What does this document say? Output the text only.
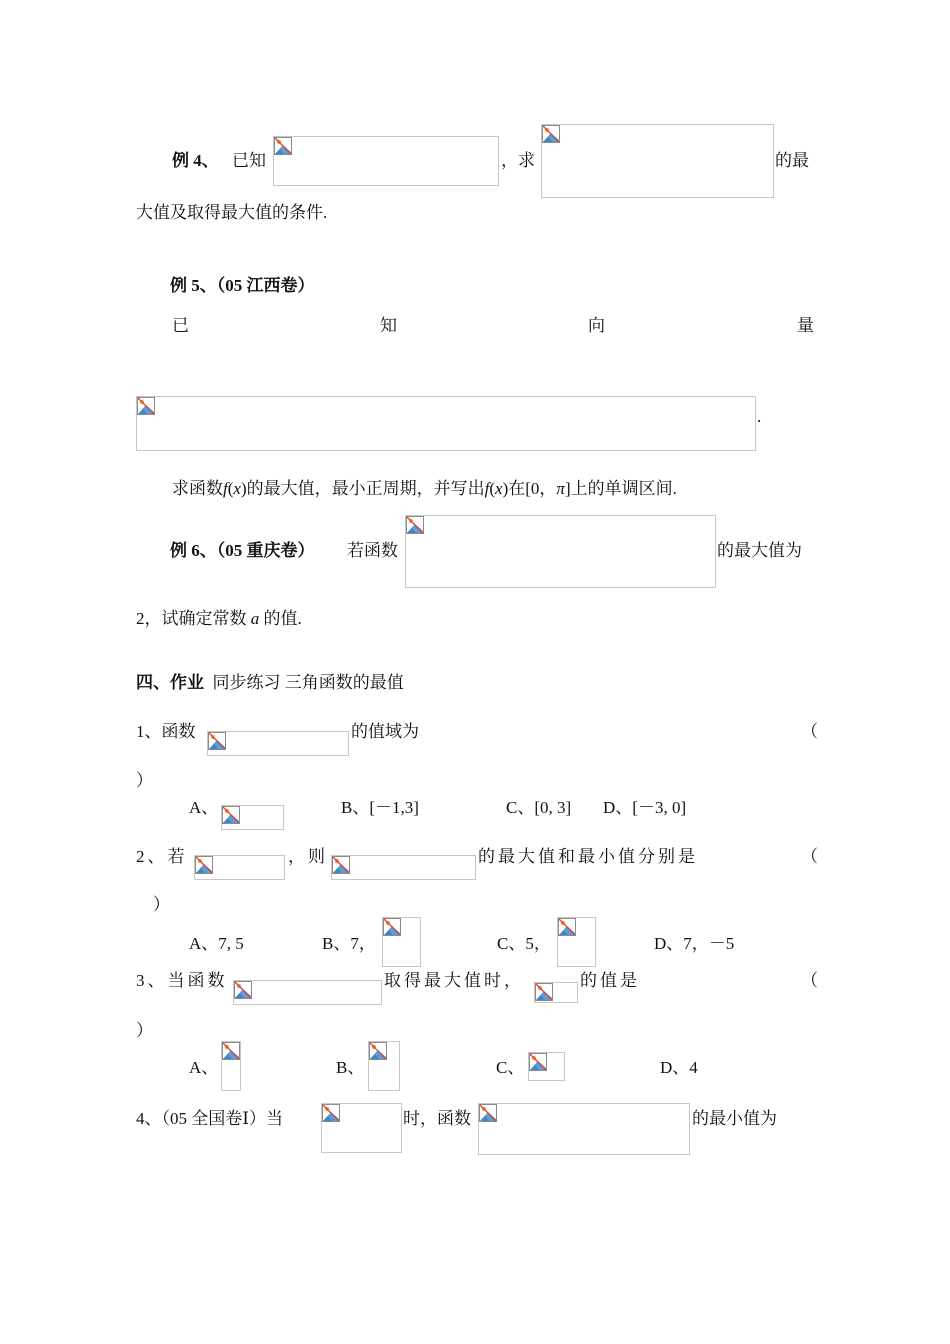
例 4、 已知	，求	的最
大值及取得最大值的条件.
例 5、（05 江西卷）
已	知	向	量
.
求函数f(x)的最大值，最小正周期，并写出f(x)在[0，π]上的单调区间.
例 6、（05 重庆卷） 若函数	的最大值为
2，试确定常数 a 的值.
四、作业 同步练习 三角函数的最值
1、函数	的值域为	（
）
A、	B、[－1,3]	C、[0, 3] D、[－3, 0]
2、若	，则	的最大值和最小值分别是	（
）
A、7, 5	B、7，	C、5，	D、7，－5
3、当函数	取得最大值时，	的值是	（
）
A、	B、	C、	D、4
4、（05 全国卷Ⅰ）当	时，函数	的最小值为
